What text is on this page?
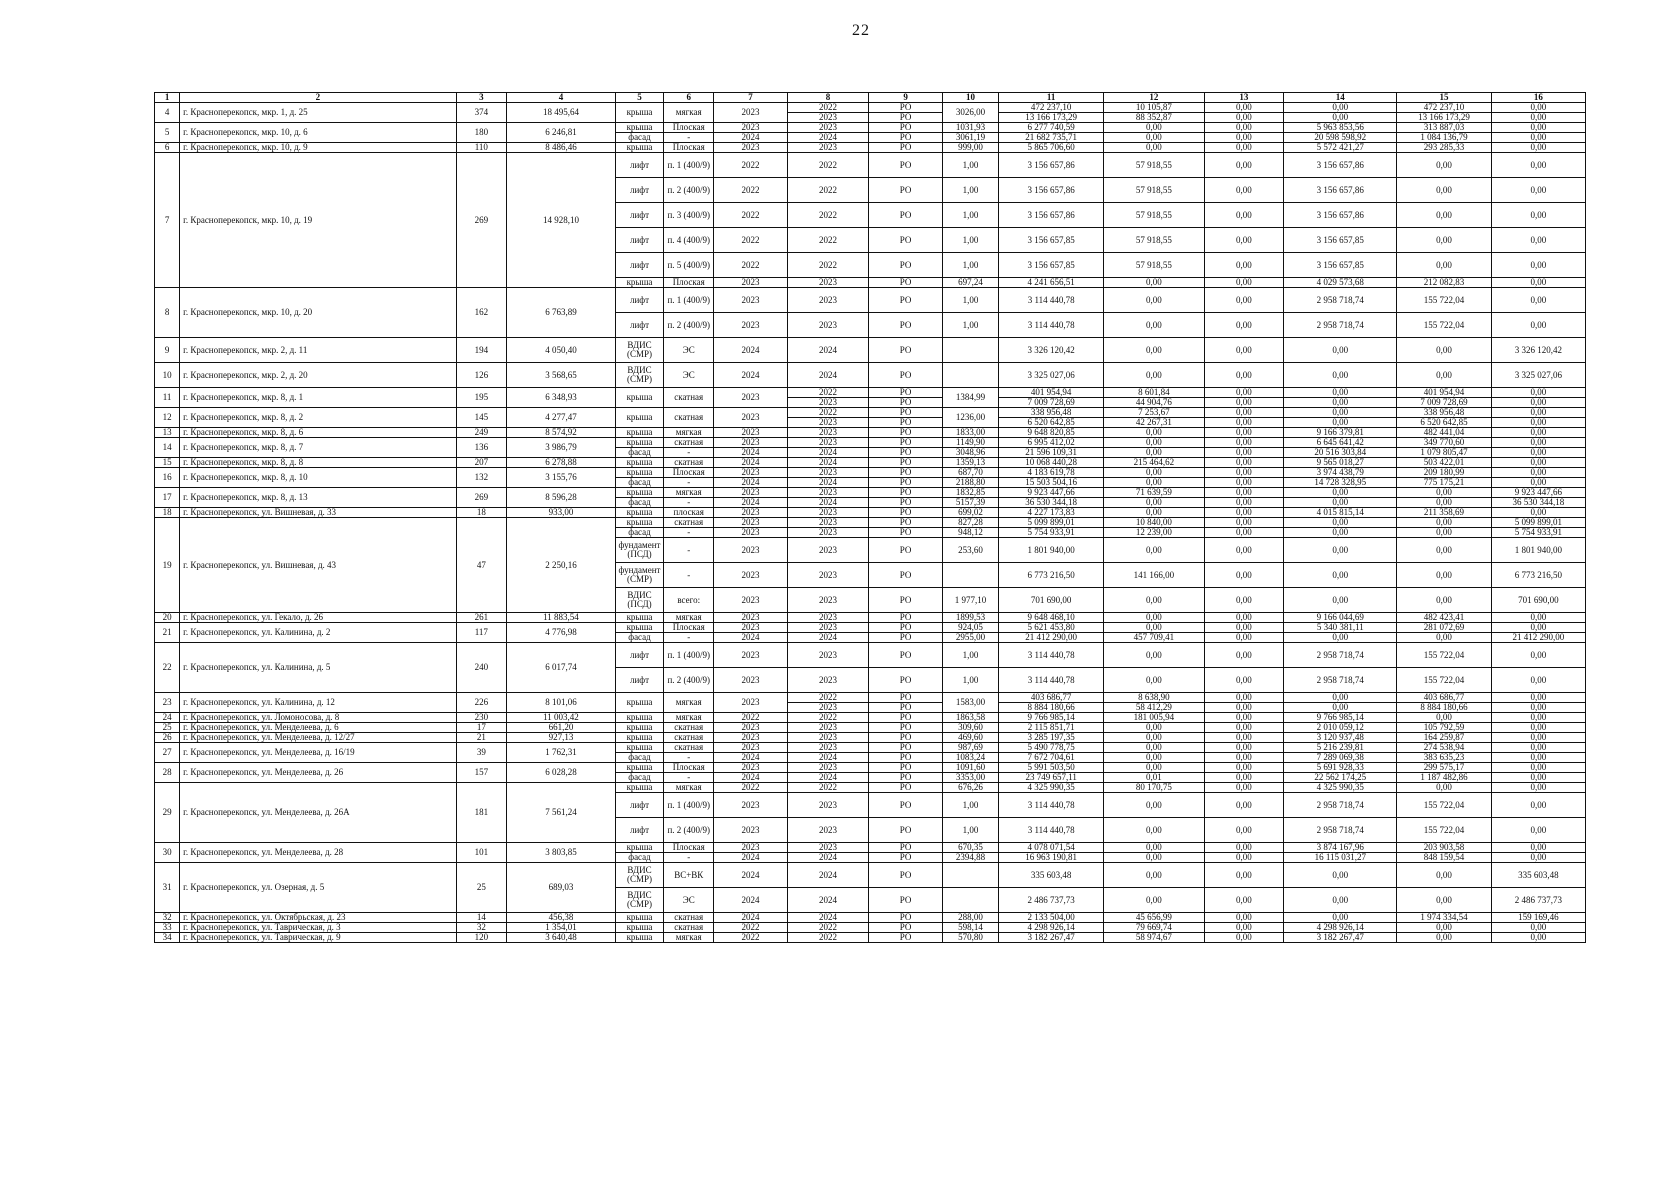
22
1	2	3	4	5	6	7	8	9	10	11	12	13	14	15	16
4	г. Красноперекопск, мкр. 1, д. 25	374	18 495,64	крыша	мягкая	2023	2022	РО	3026,00	472 237,10	10 105,87	0,00	0,00	472 237,10	0,00
							2023	РО		13 166 173,29	88 352,87	0,00	0,00	13 166 173,29	0,00
5	г. Красноперекопск, мкр. 10, д. 6	180	6 246,81	крыша	Плоская	2023	2023	РО	1031,93	6 277 740,59	0,00	0,00	5 963 853,56	313 887,03	0,00
				фасад	-	2024	2024	РО	3061,19	21 682 735,71	0,00	0,00	20 598 598,92	1 084 136,79	0,00
6	г. Красноперекопск, мкр. 10, д. 9	110	8 486,46	крыша	Плоская	2023	2023	РО	999,00	5 865 706,60	0,00	0,00	5 572 421,27	293 285,33	0,00
7	г. Красноперекопск, мкр. 10, д. 19	269	14 928,10	лифт	п. 1 (400/9)	2022	2022	РО	1,00	3 156 657,86	57 918,55	0,00	3 156 657,86	0,00	0,00
				лифт	п. 2 (400/9)	2022	2022	РО	1,00	3 156 657,86	57 918,55	0,00	3 156 657,86	0,00	0,00
				лифт	п. 3 (400/9)	2022	2022	РО	1,00	3 156 657,86	57 918,55	0,00	3 156 657,86	0,00	0,00
				лифт	п. 4 (400/9)	2022	2022	РО	1,00	3 156 657,85	57 918,55	0,00	3 156 657,85	0,00	0,00
				лифт	п. 5 (400/9)	2022	2022	РО	1,00	3 156 657,85	57 918,55	0,00	3 156 657,85	0,00	0,00
				крыша	Плоская	2023	2023	РО	697,24	4 241 656,51	0,00	0,00	4 029 573,68	212 082,83	0,00
8	г. Красноперекопск, мкр. 10, д. 20	162	6 763,89	лифт	п. 1 (400/9)	2023	2023	РО	1,00	3 114 440,78	0,00	0,00	2 958 718,74	155 722,04	0,00
				лифт	п. 2 (400/9)	2023	2023	РО	1,00	3 114 440,78	0,00	0,00	2 958 718,74	155 722,04	0,00
9	г. Красноперекопск, мкр. 2, д. 11	194	4 050,40	ВДИС (СМР)	ЭС	2024	2024	РО		3 326 120,42	0,00	0,00	0,00	0,00	3 326 120,42
10	г. Красноперекопск, мкр. 2, д. 20	126	3 568,65	ВДИС (СМР)	ЭС	2024	2024	РО		3 325 027,06	0,00	0,00	0,00	0,00	3 325 027,06
11	г. Красноперекопск, мкр. 8, д. 1	195	6 348,93	крыша	скатная	2023	2022	РО	1384,99	401 954,94	8 601,84	0,00	0,00	401 954,94	0,00
							2023	РО		7 009 728,69	44 904,76	0,00	0,00	7 009 728,69	0,00
12	г. Красноперекопск, мкр. 8, д. 2	145	4 277,47	крыша	скатная	2023	2022	РО	1236,00	338 956,48	7 253,67	0,00	0,00	338 956,48	0,00
							2023	РО		6 520 642,85	42 267,31	0,00	0,00	6 520 642,85	0,00
13	г. Красноперекопск, мкр. 8, д. 6	249	8 574,92	крыша	мягкая	2023	2023	РО	1833,00	9 648 820,85	0,00	0,00	9 166 379,81	482 441,04	0,00
14	г. Красноперекопск, мкр. 8, д. 7	136	3 986,79	крыша	скатная	2023	2023	РО	1149,90	6 995 412,02	0,00	0,00	6 645 641,42	349 770,60	0,00
				фасад	-	2024	2024	РО	3048,96	21 596 109,31	0,00	0,00	20 516 303,84	1 079 805,47	0,00
15	г. Красноперекопск, мкр. 8, д. 8	207	6 278,88	крыша	скатная	2024	2024	РО	1359,13	10 068 440,28	215 464,62	0,00	9 565 018,27	503 422,01	0,00
16	г. Красноперекопск, мкр. 8, д. 10	132	3 155,76	крыша	Плоская	2023	2023	РО	687,70	4 183 619,78	0,00	0,00	3 974 438,79	209 180,99	0,00
				фасад	-	2024	2024	РО	2188,80	15 503 504,16	0,00	0,00	14 728 328,95	775 175,21	0,00
17	г. Красноперекопск, мкр. 8, д. 13	269	8 596,28	крыша	мягкая	2023	2023	РО	1832,85	9 923 447,66	71 639,59	0,00	0,00	0,00	9 923 447,66
				фасад	-	2024	2024	РО	5157,39	36 530 344,18	0,00	0,00	0,00	0,00	36 530 344,18
18	г. Красноперекопск, ул. Вишневая, д. 33	18	933,00	крыша	плоская	2023	2023	РО	699,02	4 227 173,83	0,00	0,00	4 015 815,14	211 358,69	0,00
19	г. Красноперекопск, ул. Вишневая, д. 43	47	2 250,16	крыша	скатная	2023	2023	РО	827,28	5 099 899,01	10 840,00	0,00	0,00	0,00	5 099 899,01
				фасад	-	2023	2023	РО	948,12	5 754 933,91	12 239,00	0,00	0,00	0,00	5 754 933,91
				фундамент (ПСД)	-	2023	2023	РО	253,60	1 801 940,00	0,00	0,00	0,00	0,00	1 801 940,00
				фундамент (СМР)	-	2023	2023	РО		6 773 216,50	141 166,00	0,00	0,00	0,00	6 773 216,50
				ВДИС (ПСД)	всего:	2023	2023	РО	1 977,10	701 690,00	0,00	0,00	0,00	0,00	701 690,00
20	г. Красноперекопск, ул. Гекало, д. 26	261	11 883,54	крыша	мягкая	2023	2023	РО	1899,53	9 648 468,10	0,00	0,00	9 166 044,69	482 423,41	0,00
21	г. Красноперекопск, ул. Калинина, д. 2	117	4 776,98	крыша	Плоская	2023	2023	РО	924,05	5 621 453,80	0,00	0,00	5 340 381,11	281 072,69	0,00
				фасад	-	2024	2024	РО	2955,00	21 412 290,00	457 709,41	0,00	0,00	0,00	21 412 290,00
22	г. Красноперекопск, ул. Калинина, д. 5	240	6 017,74	лифт	п. 1 (400/9)	2023	2023	РО	1,00	3 114 440,78	0,00	0,00	2 958 718,74	155 722,04	0,00
				лифт	п. 2 (400/9)	2023	2023	РО	1,00	3 114 440,78	0,00	0,00	2 958 718,74	155 722,04	0,00
23	г. Красноперекопск, ул. Калинина, д. 12	226	8 101,06	крыша	мягкая	2023	2022	РО	1583,00	403 686,77	8 638,90	0,00	0,00	403 686,77	0,00
							2023	РО		8 884 180,66	58 412,29	0,00	0,00	8 884 180,66	0,00
24	г. Красноперекопск, ул. Ломоносова, д. 8	230	11 003,42	крыша	мягкая	2022	2022	РО	1863,58	9 766 985,14	181 005,94	0,00	9 766 985,14	0,00	0,00
25	г. Красноперекопск, ул. Менделеева, д. 6	17	661,20	крыша	скатная	2023	2023	РО	309,60	2 115 851,71	0,00	0,00	2 010 059,12	105 792,59	0,00
26	г. Красноперекопск, ул. Менделеева, д. 12/27	21	927,13	крыша	скатная	2023	2023	РО	469,60	3 285 197,35	0,00	0,00	3 120 937,48	164 259,87	0,00
27	г. Красноперекопск, ул. Менделеева, д. 16/19	39	1 762,31	крыша	скатная	2023	2023	РО	987,69	5 490 778,75	0,00	0,00	5 216 239,81	274 538,94	0,00
				фасад	-	2024	2024	РО	1083,24	7 672 704,61	0,00	0,00	7 289 069,38	383 635,23	0,00
28	г. Красноперекопск, ул. Менделеева, д. 26	157	6 028,28	крыша	Плоская	2023	2023	РО	1091,60	5 991 503,50	0,00	0,00	5 691 928,33	299 575,17	0,00
				фасад	-	2024	2024	РО	3353,00	23 749 657,11	0,01	0,00	22 562 174,25	1 187 482,86	0,00
29	г. Красноперекопск, ул. Менделеева, д. 26А	181	7 561,24	крыша	мягкая	2022	2022	РО	676,26	4 325 990,35	80 170,75	0,00	4 325 990,35	0,00	0,00
				лифт	п. 1 (400/9)	2023	2023	РО	1,00	3 114 440,78	0,00	0,00	2 958 718,74	155 722,04	0,00
				лифт	п. 2 (400/9)	2023	2023	РО	1,00	3 114 440,78	0,00	0,00	2 958 718,74	155 722,04	0,00
30	г. Красноперекопск, ул. Менделеева, д. 28	101	3 803,85	крыша	Плоская	2023	2023	РО	670,35	4 078 071,54	0,00	0,00	3 874 167,96	203 903,58	0,00
				фасад	-	2024	2024	РО	2394,88	16 963 190,81	0,00	0,00	16 115 031,27	848 159,54	0,00
31	г. Красноперекопск, ул. Озерная, д. 5	25	689,03	ВДИС (СМР)	ВС+ВК	2024	2024	РО		335 603,48	0,00	0,00	0,00	0,00	335 603,48
				ВДИС (СМР)	ЭС	2024	2024	РО		2 486 737,73	0,00	0,00	0,00	0,00	2 486 737,73
32	г. Красноперекопск, ул. Октябрьская, д. 23	14	456,38	крыша	скатная	2024	2024	РО	288,00	2 133 504,00	45 656,99	0,00	0,00	1 974 334,54	159 169,46
33	г. Красноперекопск, ул. Таврическая, д. 3	32	1 354,01	крыша	скатная	2022	2022	РО	598,14	4 298 926,14	79 669,74	0,00	4 298 926,14	0,00	0,00
34	г. Красноперекопск, ул. Таврическая, д. 9	120	3 640,48	крыша	мягкая	2022	2022	РО	570,80	3 182 267,47	58 974,67	0,00	3 182 267,47	0,00	0,00
